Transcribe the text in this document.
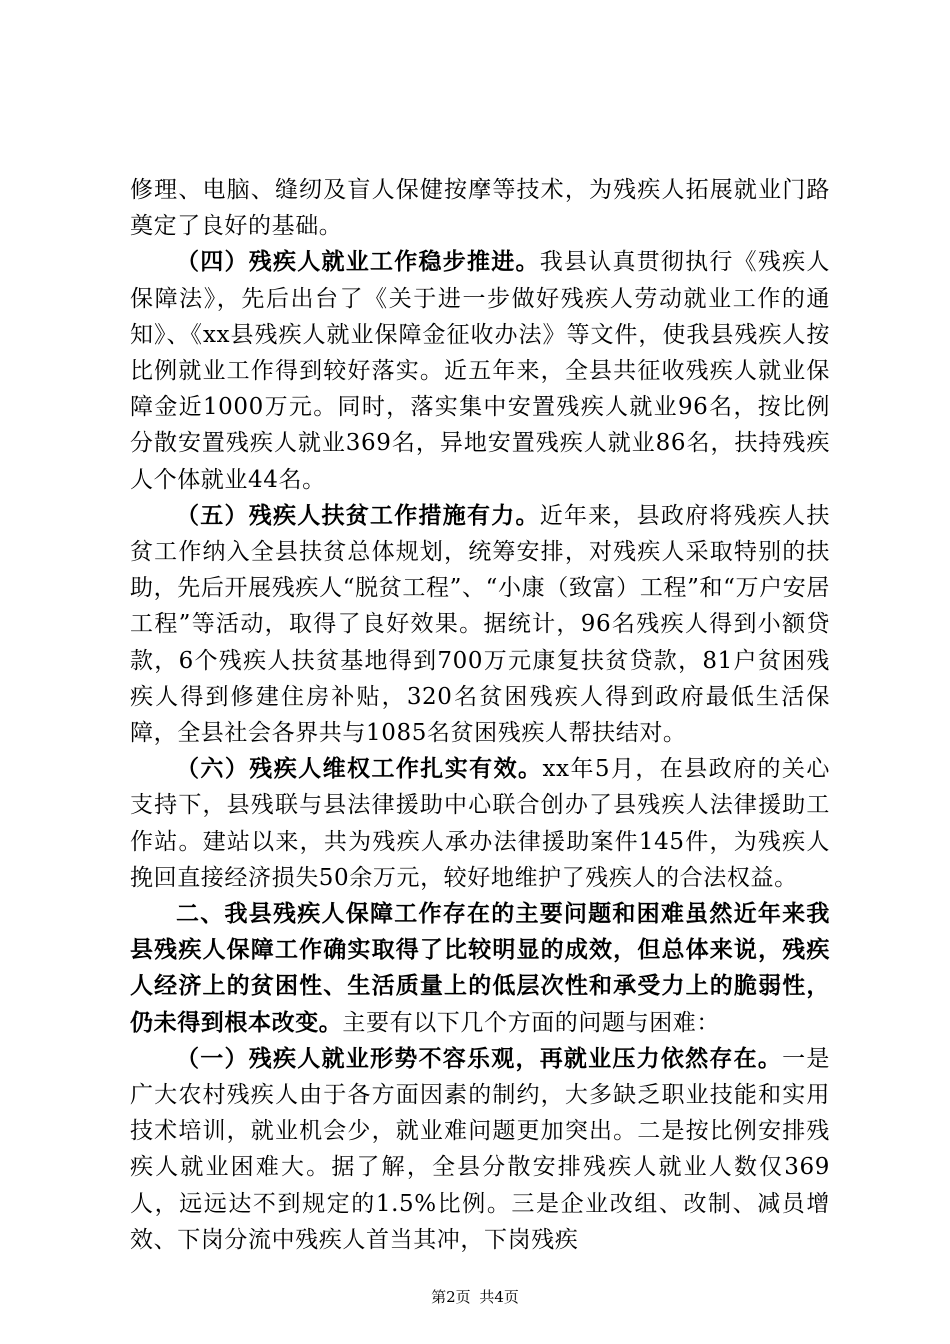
修理、电脑、缝纫及盲人保健按摩等技术，为残疾人拓展就业门路奠定了良好的基础。

（四）残疾人就业工作稳步推进。我县认真贯彻执行《残疾人保障法》，先后出台了《关于进一步做好残疾人劳动就业工作的通知》、《xx县残疾人就业保障金征收办法》等文件，使我县残疾人按比例就业工作得到较好落实。近五年来，全县共征收残疾人就业保障金近1000万元。同时，落实集中安置残疾人就业96名，按比例分散安置残疾人就业369名，异地安置残疾人就业86名，扶持残疾人个体就业44名。

（五）残疾人扶贫工作措施有力。近年来，县政府将残疾人扶贫工作纳入全县扶贫总体规划，统筹安排，对残疾人采取特别的扶助，先后开展残疾人“脱贫工程”、“小康（致富）工程”和“万户安居工程”等活动，取得了良好效果。据统计，96名残疾人得到小额贷款，6个残疾人扶贫基地得到700万元康复扶贫贷款，81户贫困残疾人得到修建住房补贴，320名贫困残疾人得到政府最低生活保障，全县社会各界共与1085名贫困残疾人帮扶结对。

（六）残疾人维权工作扎实有效。xx年5月，在县政府的关心支持下，县残联与县法律援助中心联合创办了县残疾人法律援助工作站。建站以来，共为残疾人承办法律援助案件145件，为残疾人挽回直接经济损失50余万元，较好地维护了残疾人的合法权益。

二、我县残疾人保障工作存在的主要问题和困难虽然近年来我县残疾人保障工作确实取得了比较明显的成效，但总体来说，残疾人经济上的贫困性、生活质量上的低层次性和承受力上的脆弱性，仍未得到根本改变。主要有以下几个方面的问题与困难：

（一）残疾人就业形势不容乐观，再就业压力依然存在。一是广大农村残疾人由于各方面因素的制约，大多缺乏职业技能和实用技术培训，就业机会少，就业难问题更加突出。二是按比例安排残疾人就业困难大。据了解，全县分散安排残疾人就业人数仅369人，远远达不到规定的1.5%比例。三是企业改组、改制、减员增效、下岗分流中残疾人首当其冲，下岗残疾

第2页 共4页
